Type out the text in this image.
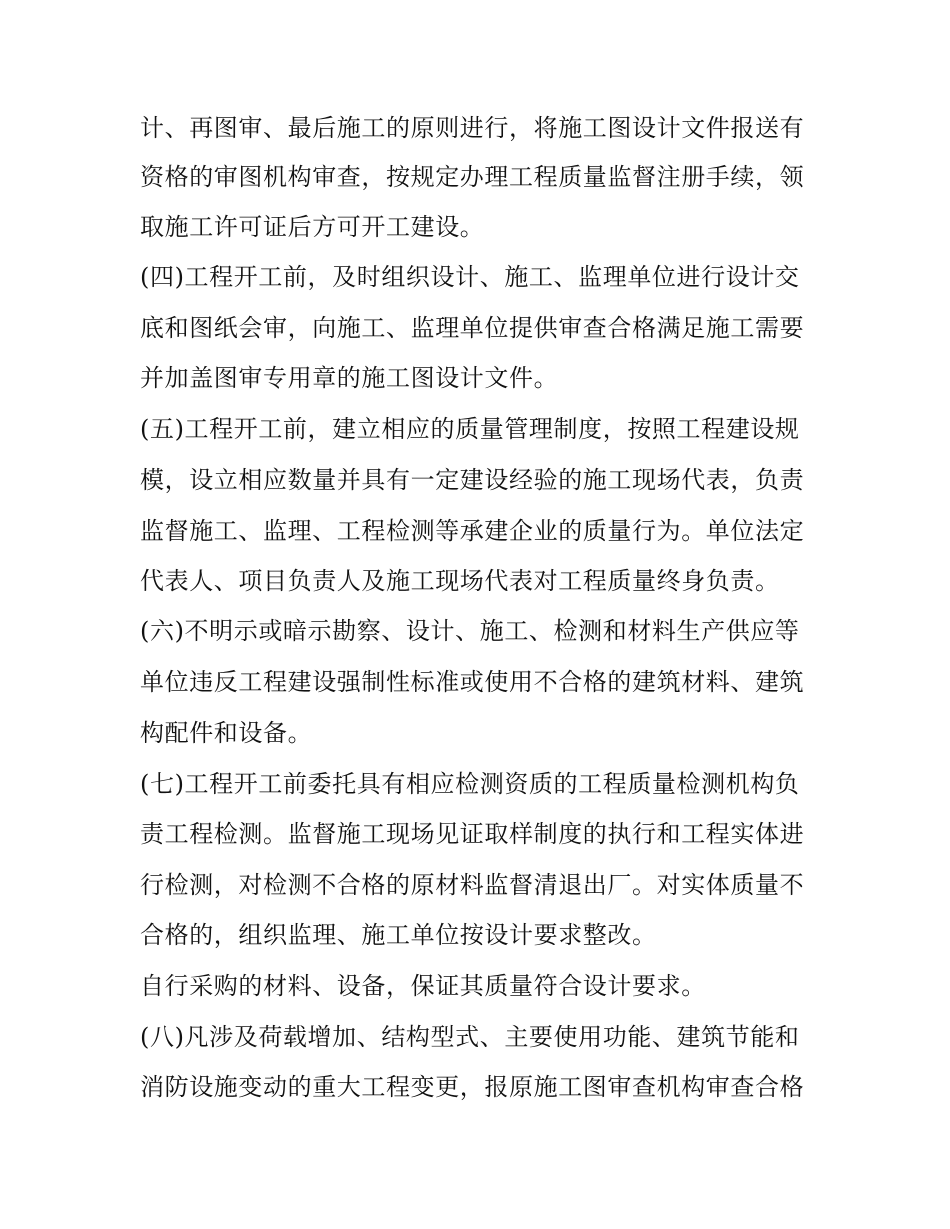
计、再图审、最后施工的原则进行，将施工图设计文件报送有
资格的审图机构审查，按规定办理工程质量监督注册手续，领
取施工许可证后方可开工建设。
(四)工程开工前，及时组织设计、施工、监理单位进行设计交
底和图纸会审，向施工、监理单位提供审查合格满足施工需要
并加盖图审专用章的施工图设计文件。
(五)工程开工前，建立相应的质量管理制度，按照工程建设规
模，设立相应数量并具有一定建设经验的施工现场代表，负责
监督施工、监理、工程检测等承建企业的质量行为。单位法定
代表人、项目负责人及施工现场代表对工程质量终身负责。
(六)不明示或暗示勘察、设计、施工、检测和材料生产供应等
单位违反工程建设强制性标准或使用不合格的建筑材料、建筑
构配件和设备。
(七)工程开工前委托具有相应检测资质的工程质量检测机构负
责工程检测。监督施工现场见证取样制度的执行和工程实体进
行检测，对检测不合格的原材料监督清退出厂。对实体质量不
合格的，组织监理、施工单位按设计要求整改。
自行采购的材料、设备，保证其质量符合设计要求。
(八)凡涉及荷载增加、结构型式、主要使用功能、建筑节能和
消防设施变动的重大工程变更，报原施工图审查机构审查合格
